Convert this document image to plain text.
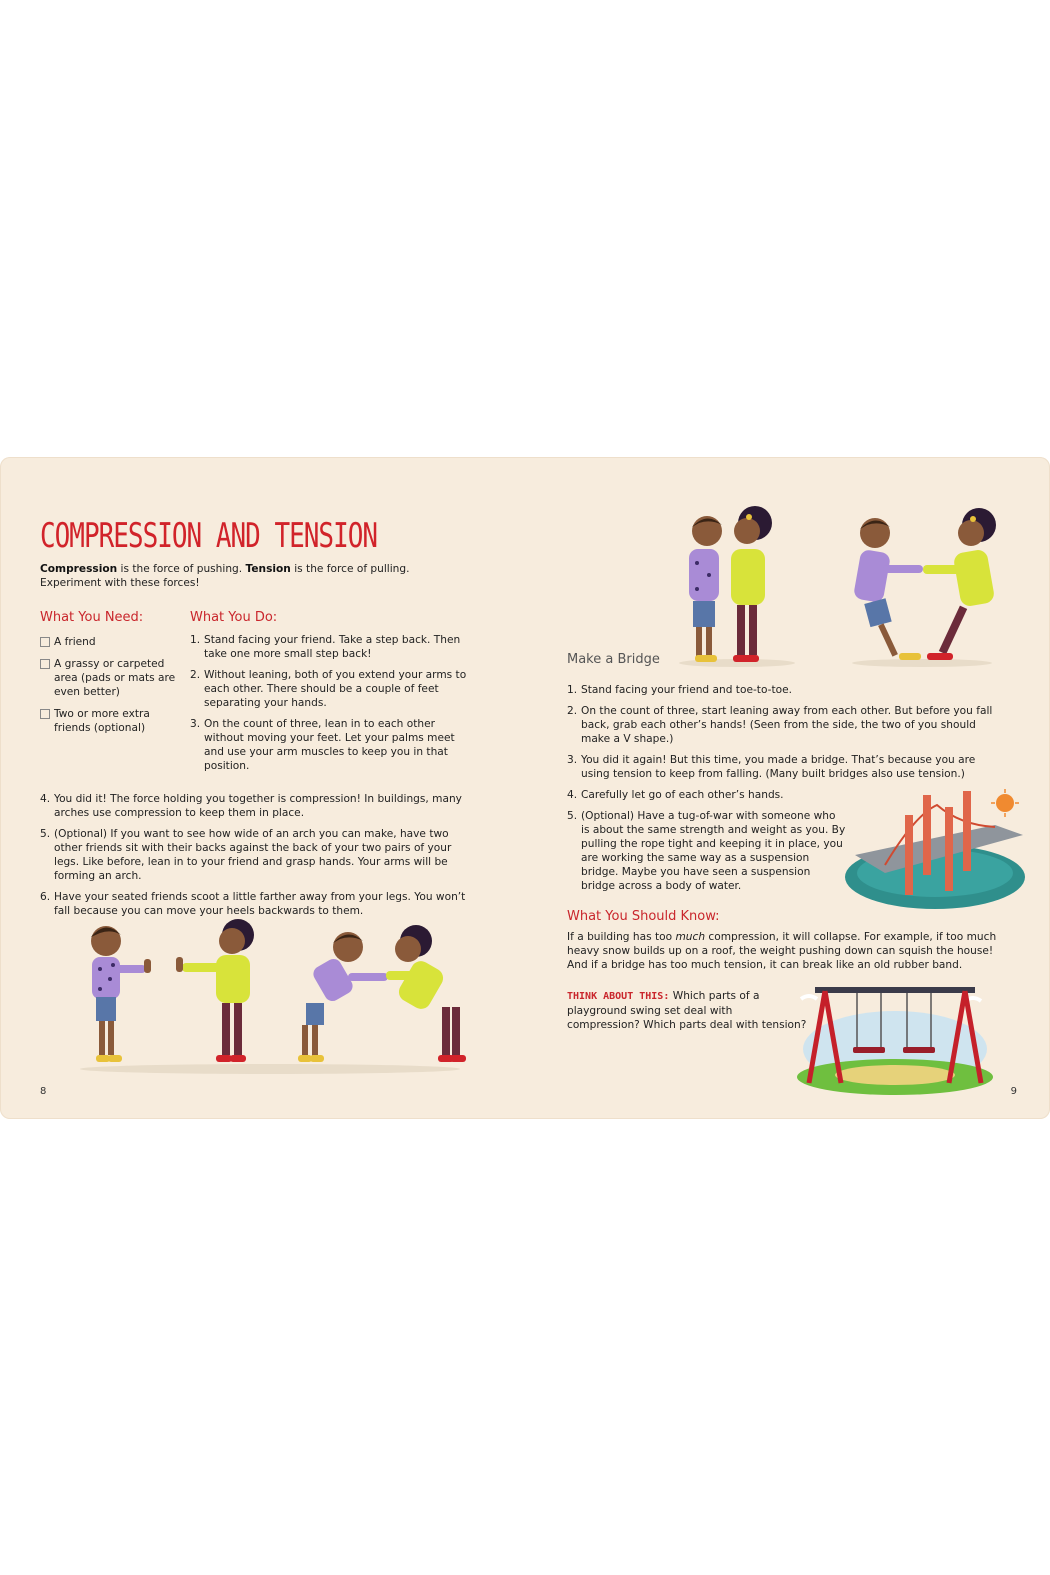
COMPRESSION AND TENSION
Compression is the force of pushing. Tension is the force of pulling. Experiment with these forces!
What You Need:
A friend
A grassy or carpeted area (pads or mats are even better)
Two or more extra friends (optional)
What You Do:
1. Stand facing your friend. Take a step back. Then take one more small step back!
2. Without leaning, both of you extend your arms to each other. There should be a couple of feet separating your hands.
3. On the count of three, lean in to each other without moving your feet. Let your palms meet and use your arm muscles to keep you in that position.
4. You did it! The force holding you together is compression! In buildings, many arches use compression to keep them in place.
5. (Optional) If you want to see how wide of an arch you can make, have two other friends sit with their backs against the back of your two pairs of your legs. Like before, lean in to your friend and grasp hands. Your arms will be forming an arch.
6. Have your seated friends scoot a little farther away from your legs. You won’t fall because you can move your heels backwards to them.
8
Make a Bridge
1. Stand facing your friend and toe-to-toe.
2. On the count of three, start leaning away from each other. But before you fall back, grab each other’s hands! (Seen from the side, the two of you should make a V shape.)
3. You did it again! But this time, you made a bridge. That’s because you are using tension to keep from falling. (Many built bridges also use tension.)
4. Carefully let go of each other’s hands.
5. (Optional) Have a tug-of-war with someone who is about the same strength and weight as you. By pulling the rope tight and keeping it in place, you are working the same way as a suspension bridge. Maybe you have seen a suspension bridge across a body of water.
What You Should Know:

If a building has too much compression, it will collapse. For example, if too much heavy snow builds up on a roof, the weight pushing down can squish the house! And if a bridge has too much tension, it can break like an old rubber band.

THINK ABOUT THIS: Which parts of a playground swing set deal with compression? Which parts deal with tension?
9
